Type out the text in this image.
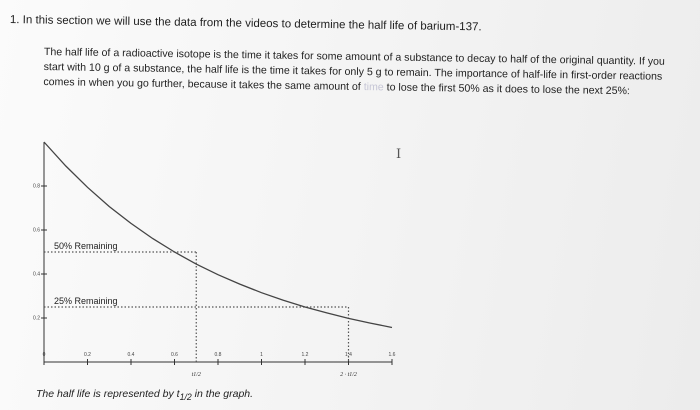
1. In this section we will use the data from the videos to determine the half life of barium-137.
The half life of a radioactive isotope is the time it takes for some amount of a substance to decay to half of the original quantity. If you start with 10 g of a substance, the half life is the time it takes for only 5 g to remain. The importance of half-life in first-order reactions comes in when you go further, because it takes the same amount of time to lose the first 50% as it does to lose the next 25%:
I
0	0.2	0.4	0.6	0.8	1	1.2	1.4	1.6
0.2
0.4
0.6
0.8
50% Remaining
25% Remaining
t1/2	2 · t1/2
The half life is represented by $t_{1/2}$ in the graph.
